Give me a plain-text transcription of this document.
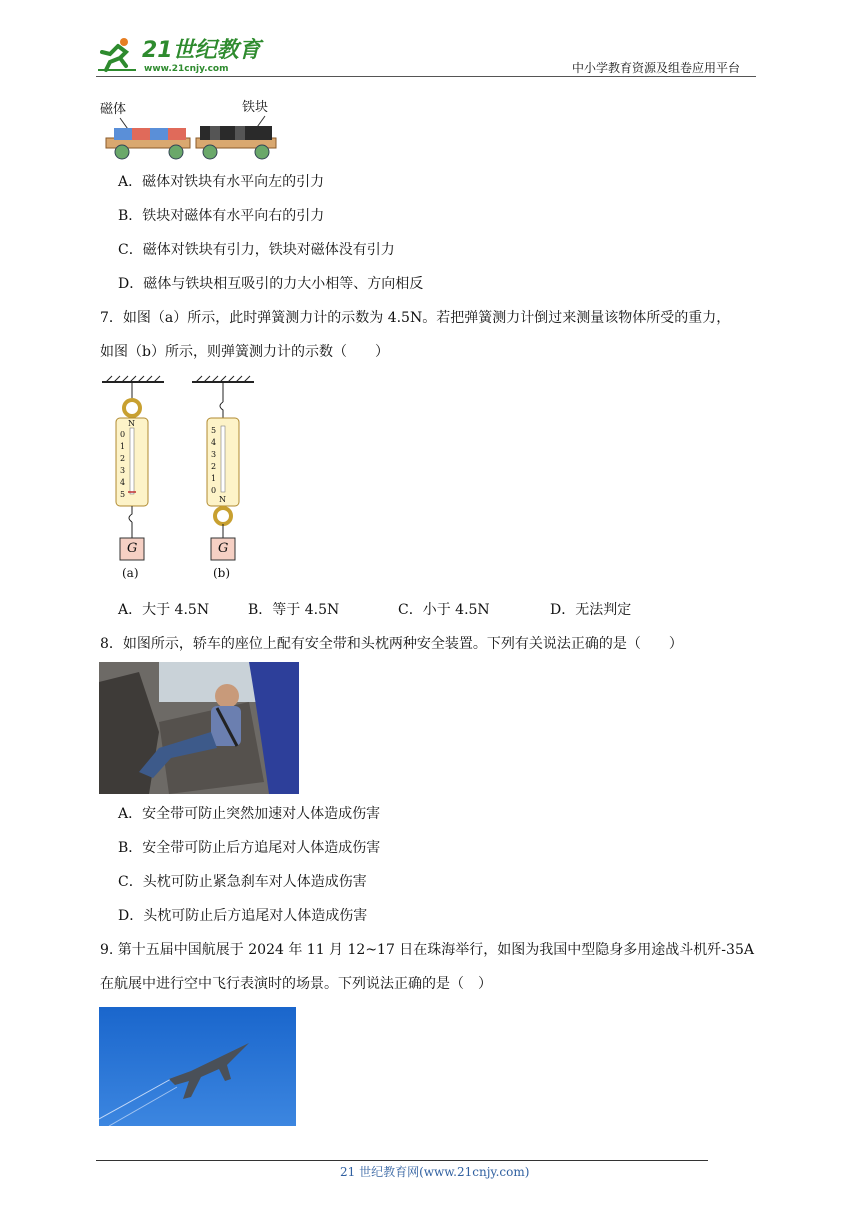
21世纪教育
www.21cnjy.com	中小学教育资源及组卷应用平台
磁体	铁块
A．磁体对铁块有水平向左的引力
B．铁块对磁体有水平向右的引力
C．磁体对铁块有引力，铁块对磁体没有引力
D．磁体与铁块相互吸引的力大小相等、方向相反
7．如图（a）所示，此时弹簧测力计的示数为 4.5N。若把弹簧测力计倒过来测量该物体所受的重力，
如图（b）所示，则弹簧测力计的示数（　　）
N
0
1
2
3
4
5
G
(a)
N
0
1
2
3
4
5
G
(b)
A．大于 4.5N	B．等于 4.5N	C．小于 4.5N	D．无法判定
8．如图所示，轿车的座位上配有安全带和头枕两种安全装置。下列有关说法正确的是（　　）
A．安全带可防止突然加速对人体造成伤害
B．安全带可防止后方追尾对人体造成伤害
C．头枕可防止紧急刹车对人体造成伤害
D．头枕可防止后方追尾对人体造成伤害
9. 第十五届中国航展于 2024 年 11 月 12~17 日在珠海举行，如图为我国中型隐身多用途战斗机歼-35A
在航展中进行空中飞行表演时的场景。下列说法正确的是（　）
21 世纪教育网(www.21cnjy.com)
